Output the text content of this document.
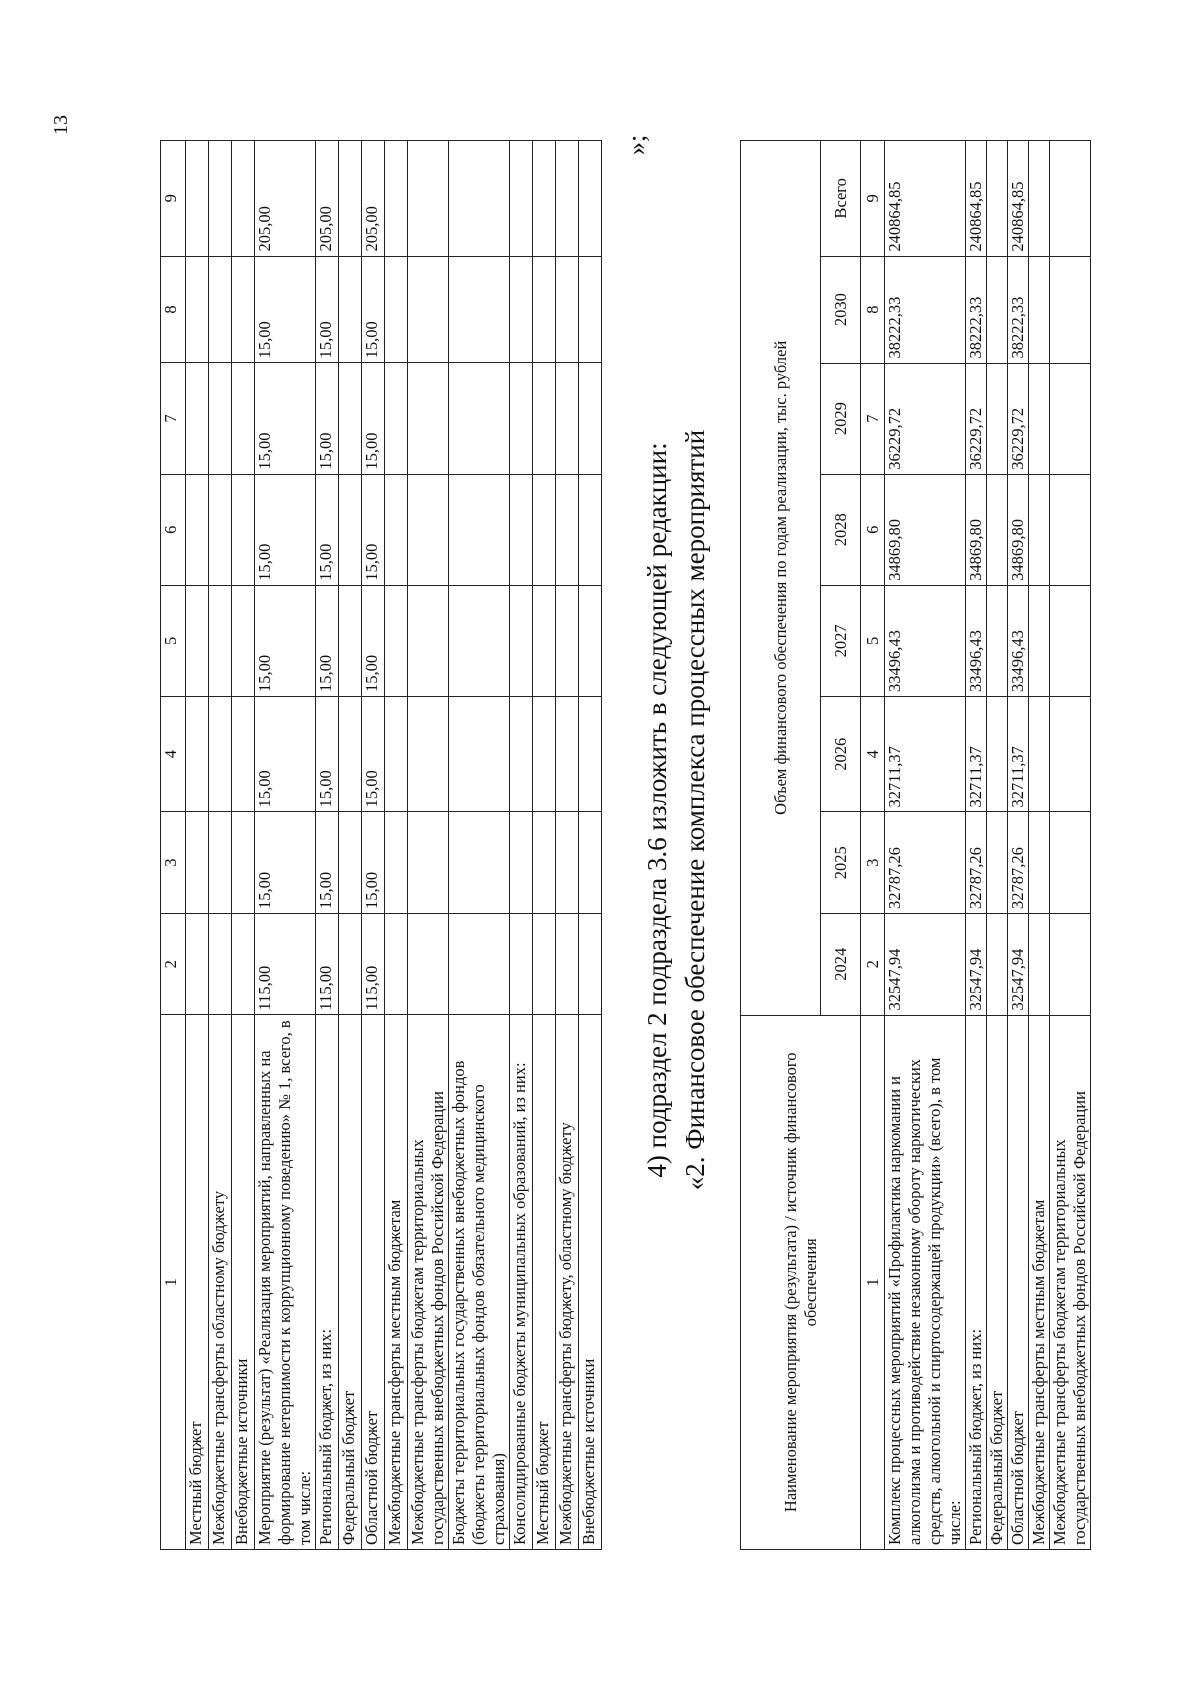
13
1	2	3	4	5	6	7	8	9
Местный бюджет								
Межбюджетные трансферты областному бюджету								
Внебюджетные источники								
Мероприятие (результат) «Реализация мероприятий, направленных на формирование нетерпимости к коррупционному поведению» № 1, всего, в том числе:	115,00	15,00	15,00	15,00	15,00	15,00	15,00	205,00
Региональный бюджет, из них:	115,00	15,00	15,00	15,00	15,00	15,00	15,00	205,00
Федеральный бюджет								
Областной бюджет	115,00	15,00	15,00	15,00	15,00	15,00	15,00	205,00
Межбюджетные трансферты местным бюджетам								
Межбюджетные трансферты бюджетам территориальных государственных внебюджетных фондов Российской Федерации								
Бюджеты территориальных государственных внебюджетных фондов (бюджеты территориальных фондов обязательного медицинского страхования)								
Консолидированные бюджеты муниципальных образований, из них:								
Местный бюджет								
Межбюджетные трансферты бюджету, областному бюджету								
Внебюджетные источники								
»;
4) подраздел 2 подраздела 3.6 изложить в следующей редакции: «2. Финансовое обеспечение комплекса процессных мероприятий
Наименование мероприятия (результата) / источник финансового обеспечения	Объем финансового обеспечения по годам реализации, тыс. рублей							
	2024	2025	2026	2027	2028	2029	2030	Всего
1	2	3	4	5	6	7	8	9
Комплекс процессных мероприятий «Профилактика наркомании и алкоголизма и противодействие незаконному обороту наркотических средств, алкогольной и спиртосодержащей продукции» (всего), в том числе:	32547,94	32787,26	32711,37	33496,43	34869,80	36229,72	38222,33	240864,85
Региональный бюджет, из них:	32547,94	32787,26	32711,37	33496,43	34869,80	36229,72	38222,33	240864,85
Федеральный бюджет								
Областной бюджет	32547,94	32787,26	32711,37	33496,43	34869,80	36229,72	38222,33	240864,85
Межбюджетные трансферты местным бюджетам								
Межбюджетные трансферты бюджетам территориальных государственных внебюджетных фондов Российской Федерации								
